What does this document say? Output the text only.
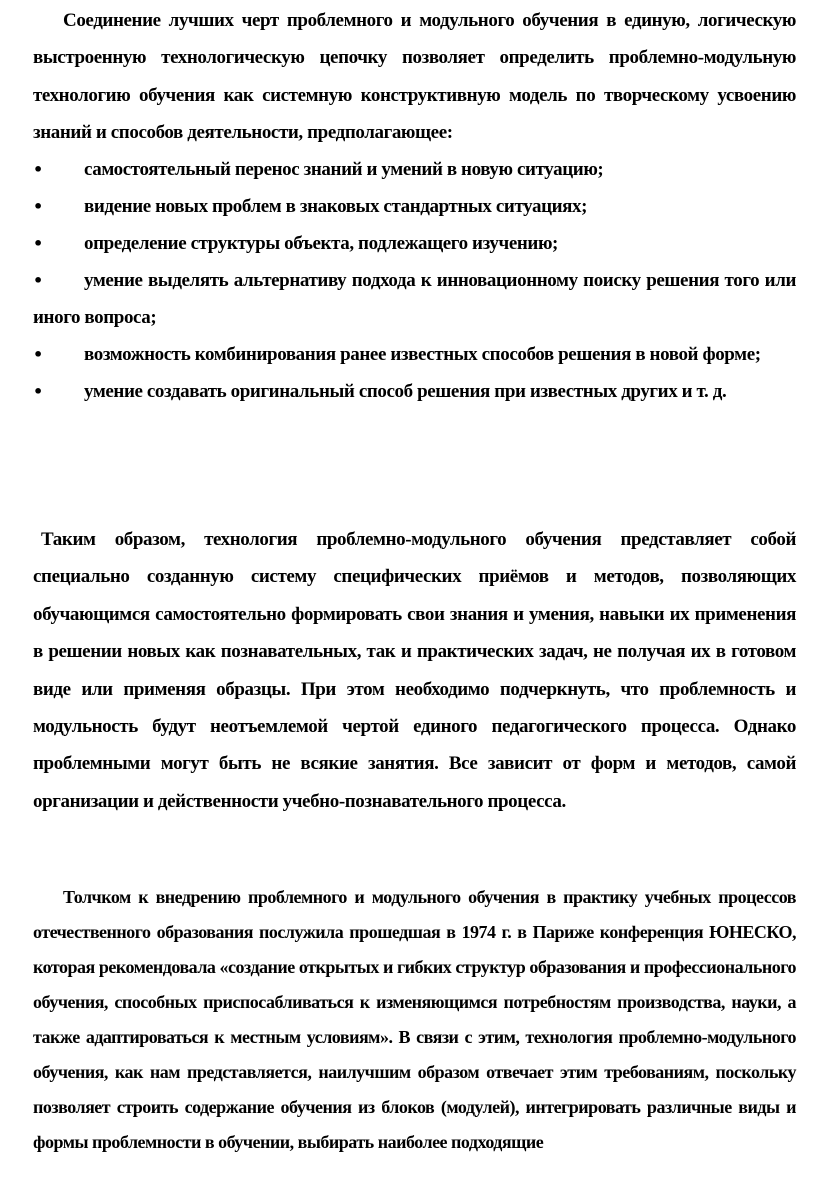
Соединение лучших черт проблемного и модульного обучения в единую, логическую выстроенную технологическую цепочку позволяет определить проблемно-модульную технологию обучения как системную конструктивную модель по творческому усвоению знаний и способов деятельности, предполагающее:

• самостоятельный перенос знаний и умений в новую ситуацию;
• видение новых проблем в знаковых стандартных ситуациях;
• определение структуры объекта, подлежащего изучению;
• умение выделять альтернативу подхода к инновационному поиску решения того или иного вопроса;
• возможность комбинирования ранее известных способов решения в новой форме;
• умение создавать оригинальный способ решения при известных других и т. д.

Таким образом, технология проблемно-модульного обучения представляет собой специально созданную систему специфических приёмов и методов, позволяющих обучающимся самостоятельно формировать свои знания и умения, навыки их применения в решении новых как познавательных, так и практических задач, не получая их в готовом виде или применяя образцы. При этом необходимо подчеркнуть, что проблемность и модульность будут неотъемлемой чертой единого педагогического процесса. Однако проблемными могут быть не всякие занятия. Все зависит от форм и методов, самой организации и действенности учебно-познавательного процесса.

Толчком к внедрению проблемного и модульного обучения в практику учебных процессов отечественного образования послужила прошедшая в 1974 г. в Париже конференция ЮНЕСКО, которая рекомендовала «создание открытых и гибких структур образования и профессионального обучения, способных приспосабливаться к изменяющимся потребностям производства, науки, а также адаптироваться к местным условиям». В связи с этим, технология проблемно-модульного обучения, как нам представляется, наилучшим образом отвечает этим требованиям, поскольку позволяет строить содержание обучения из блоков (модулей), интегрировать различные виды и формы проблемности в обучении, выбирать наиболее подходящие
